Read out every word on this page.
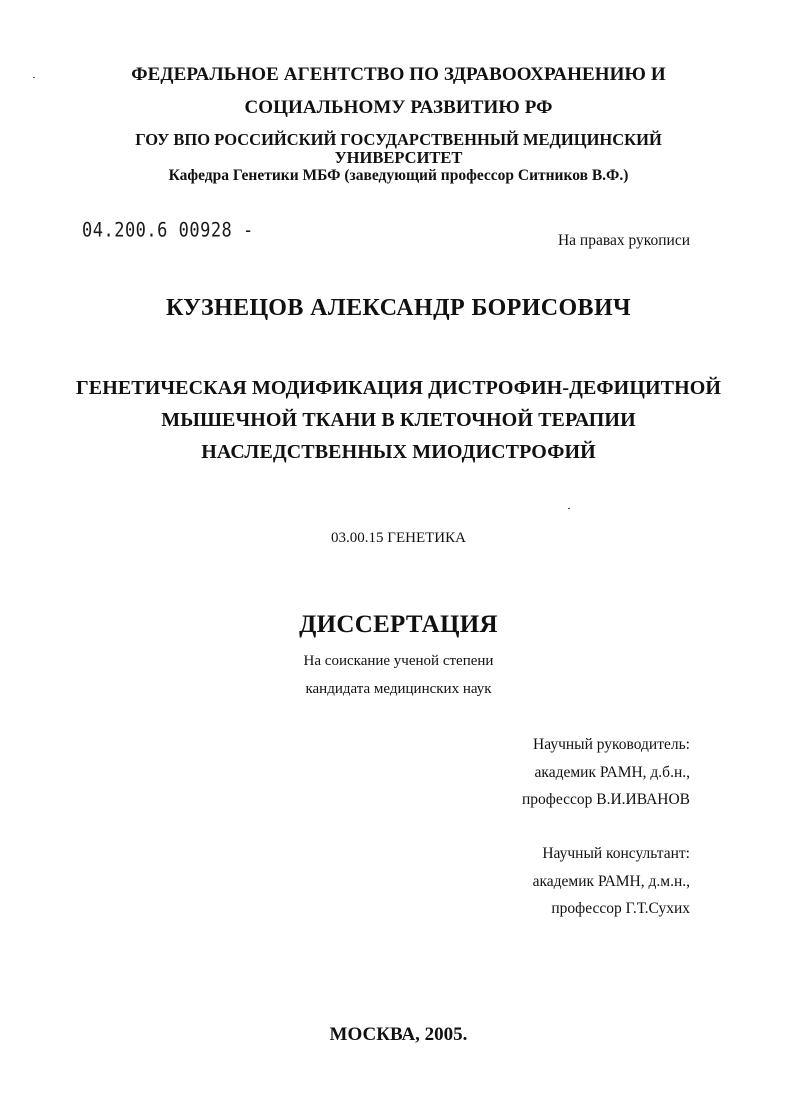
ФЕДЕРАЛЬНОЕ АГЕНТСТВО ПО ЗДРАВООХРАНЕНИЮ И
СОЦИАЛЬНОМУ РАЗВИТИЮ РФ
ГОУ ВПО РОССИЙСКИЙ ГОСУДАРСТВЕННЫЙ МЕДИЦИНСКИЙ
УНИВЕРСИТЕТ
Кафедра Генетики МБФ (заведующий профессор Ситников В.Ф.)
04.200.6 00928 -	На правах рукописи
КУЗНЕЦОВ АЛЕКСАНДР БОРИСОВИЧ
ГЕНЕТИЧЕСКАЯ МОДИФИКАЦИЯ ДИСТРОФИН-ДЕФИЦИТНОЙ
МЫШЕЧНОЙ ТКАНИ В КЛЕТОЧНОЙ ТЕРАПИИ
НАСЛЕДСТВЕННЫХ МИОДИСТРОФИЙ
03.00.15 ГЕНЕТИКА
ДИССЕРТАЦИЯ
На соискание ученой степени
кандидата медицинских наук
Научный руководитель:
академик РАМН, д.б.н.,
профессор В.И.ИВАНОВ
Научный консультант:
академик РАМН, д.м.н.,
профессор Г.Т.Сухих
МОСКВА, 2005.
